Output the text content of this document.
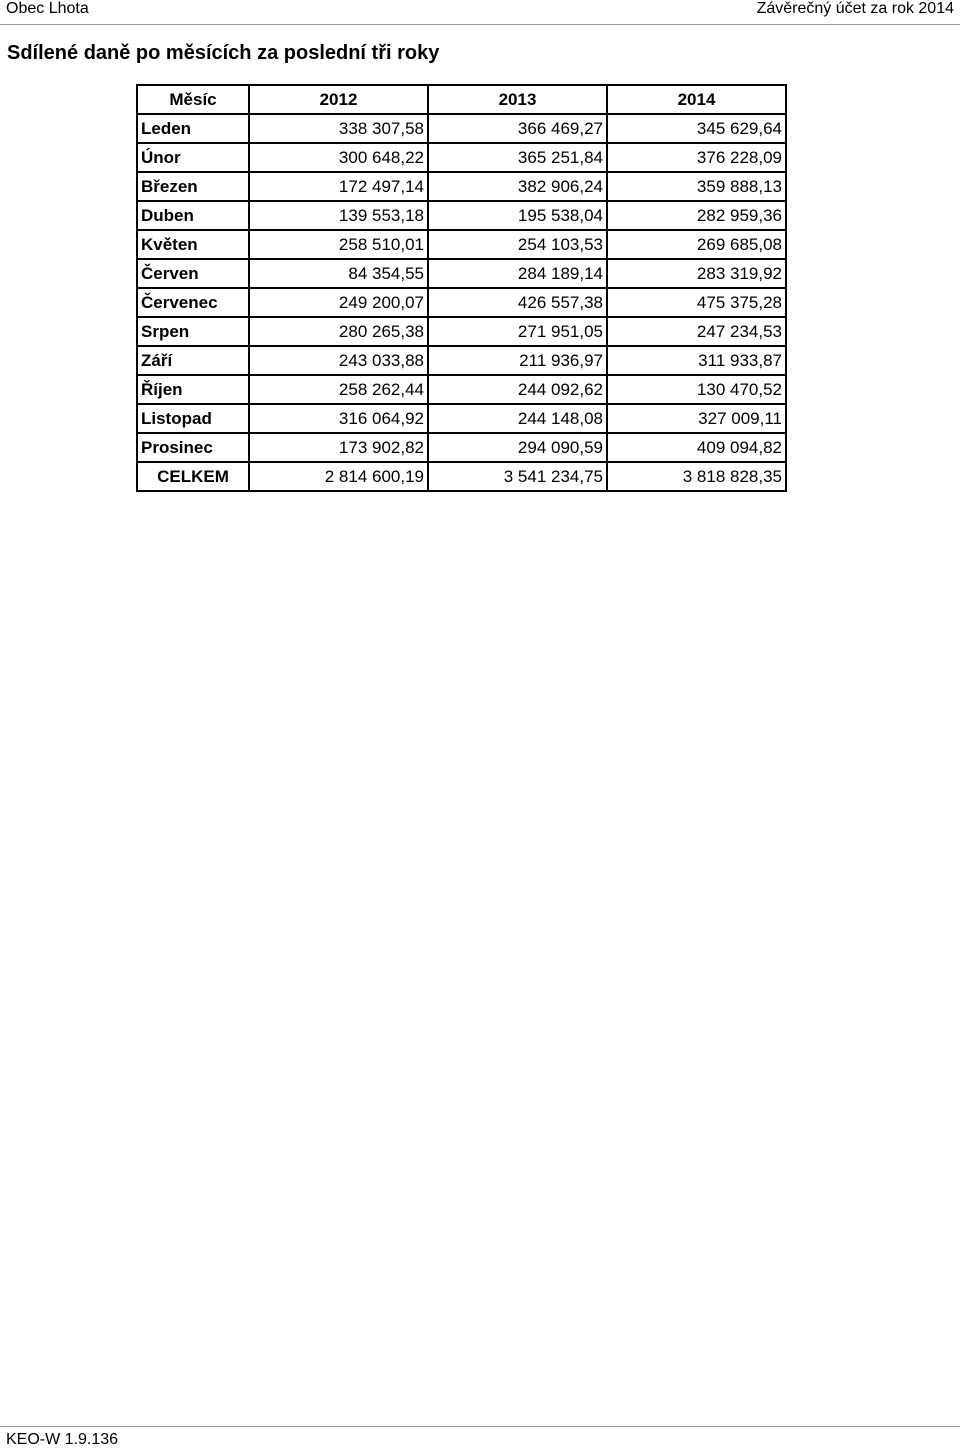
Obec Lhota	Závěrečný účet za rok 2014
Sdílené daně po měsících za poslední tři roky
Měsíc	2012	2013	2014
Leden	338 307,58	366 469,27	345 629,64
Únor	300 648,22	365 251,84	376 228,09
Březen	172 497,14	382 906,24	359 888,13
Duben	139 553,18	195 538,04	282 959,36
Květen	258 510,01	254 103,53	269 685,08
Červen	84 354,55	284 189,14	283 319,92
Červenec	249 200,07	426 557,38	475 375,28
Srpen	280 265,38	271 951,05	247 234,53
Září	243 033,88	211 936,97	311 933,87
Říjen	258 262,44	244 092,62	130 470,52
Listopad	316 064,92	244 148,08	327 009,11
Prosinec	173 902,82	294 090,59	409 094,82
CELKEM	2 814 600,19	3 541 234,75	3 818 828,35
KEO-W 1.9.136
